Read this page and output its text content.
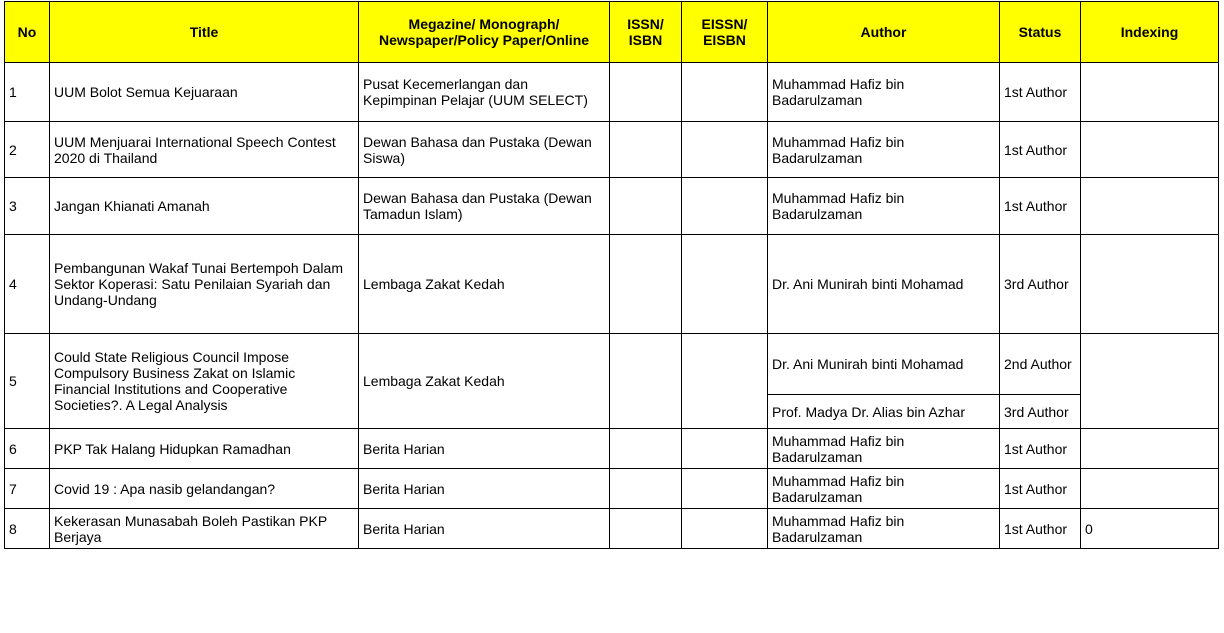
No	Title	Megazine/ Monograph/ Newspaper/Policy Paper/Online	ISSN/ ISBN	EISSN/ EISBN	Author	Status	Indexing
1	UUM Bolot Semua Kejuaraan	Pusat Kecemerlangan dan Kepimpinan Pelajar (UUM SELECT)			Muhammad Hafiz bin Badarulzaman	1st Author	
2	UUM Menjuarai International Speech Contest 2020 di Thailand	Dewan Bahasa dan Pustaka (Dewan Siswa)			Muhammad Hafiz bin Badarulzaman	1st Author	
3	Jangan Khianati Amanah	Dewan Bahasa dan Pustaka (Dewan Tamadun Islam)			Muhammad Hafiz bin Badarulzaman	1st Author	
4	Pembangunan Wakaf Tunai Bertempoh Dalam Sektor Koperasi: Satu Penilaian Syariah dan Undang-Undang	Lembaga Zakat Kedah			Dr. Ani Munirah binti Mohamad	3rd Author	
5	Could State Religious Council Impose Compulsory Business Zakat on Islamic Financial Institutions and Cooperative Societies?. A Legal Analysis	Lembaga Zakat Kedah			Dr. Ani Munirah binti Mohamad	2nd Author	
					Prof. Madya Dr. Alias bin Azhar	3rd Author	
6	PKP Tak Halang Hidupkan Ramadhan	Berita Harian			Muhammad Hafiz bin Badarulzaman	1st Author	
7	Covid 19 : Apa nasib gelandangan?	Berita Harian			Muhammad Hafiz bin Badarulzaman	1st Author	
8	Kekerasan Munasabah Boleh Pastikan PKP Berjaya	Berita Harian			Muhammad Hafiz bin Badarulzaman	1st Author	0
